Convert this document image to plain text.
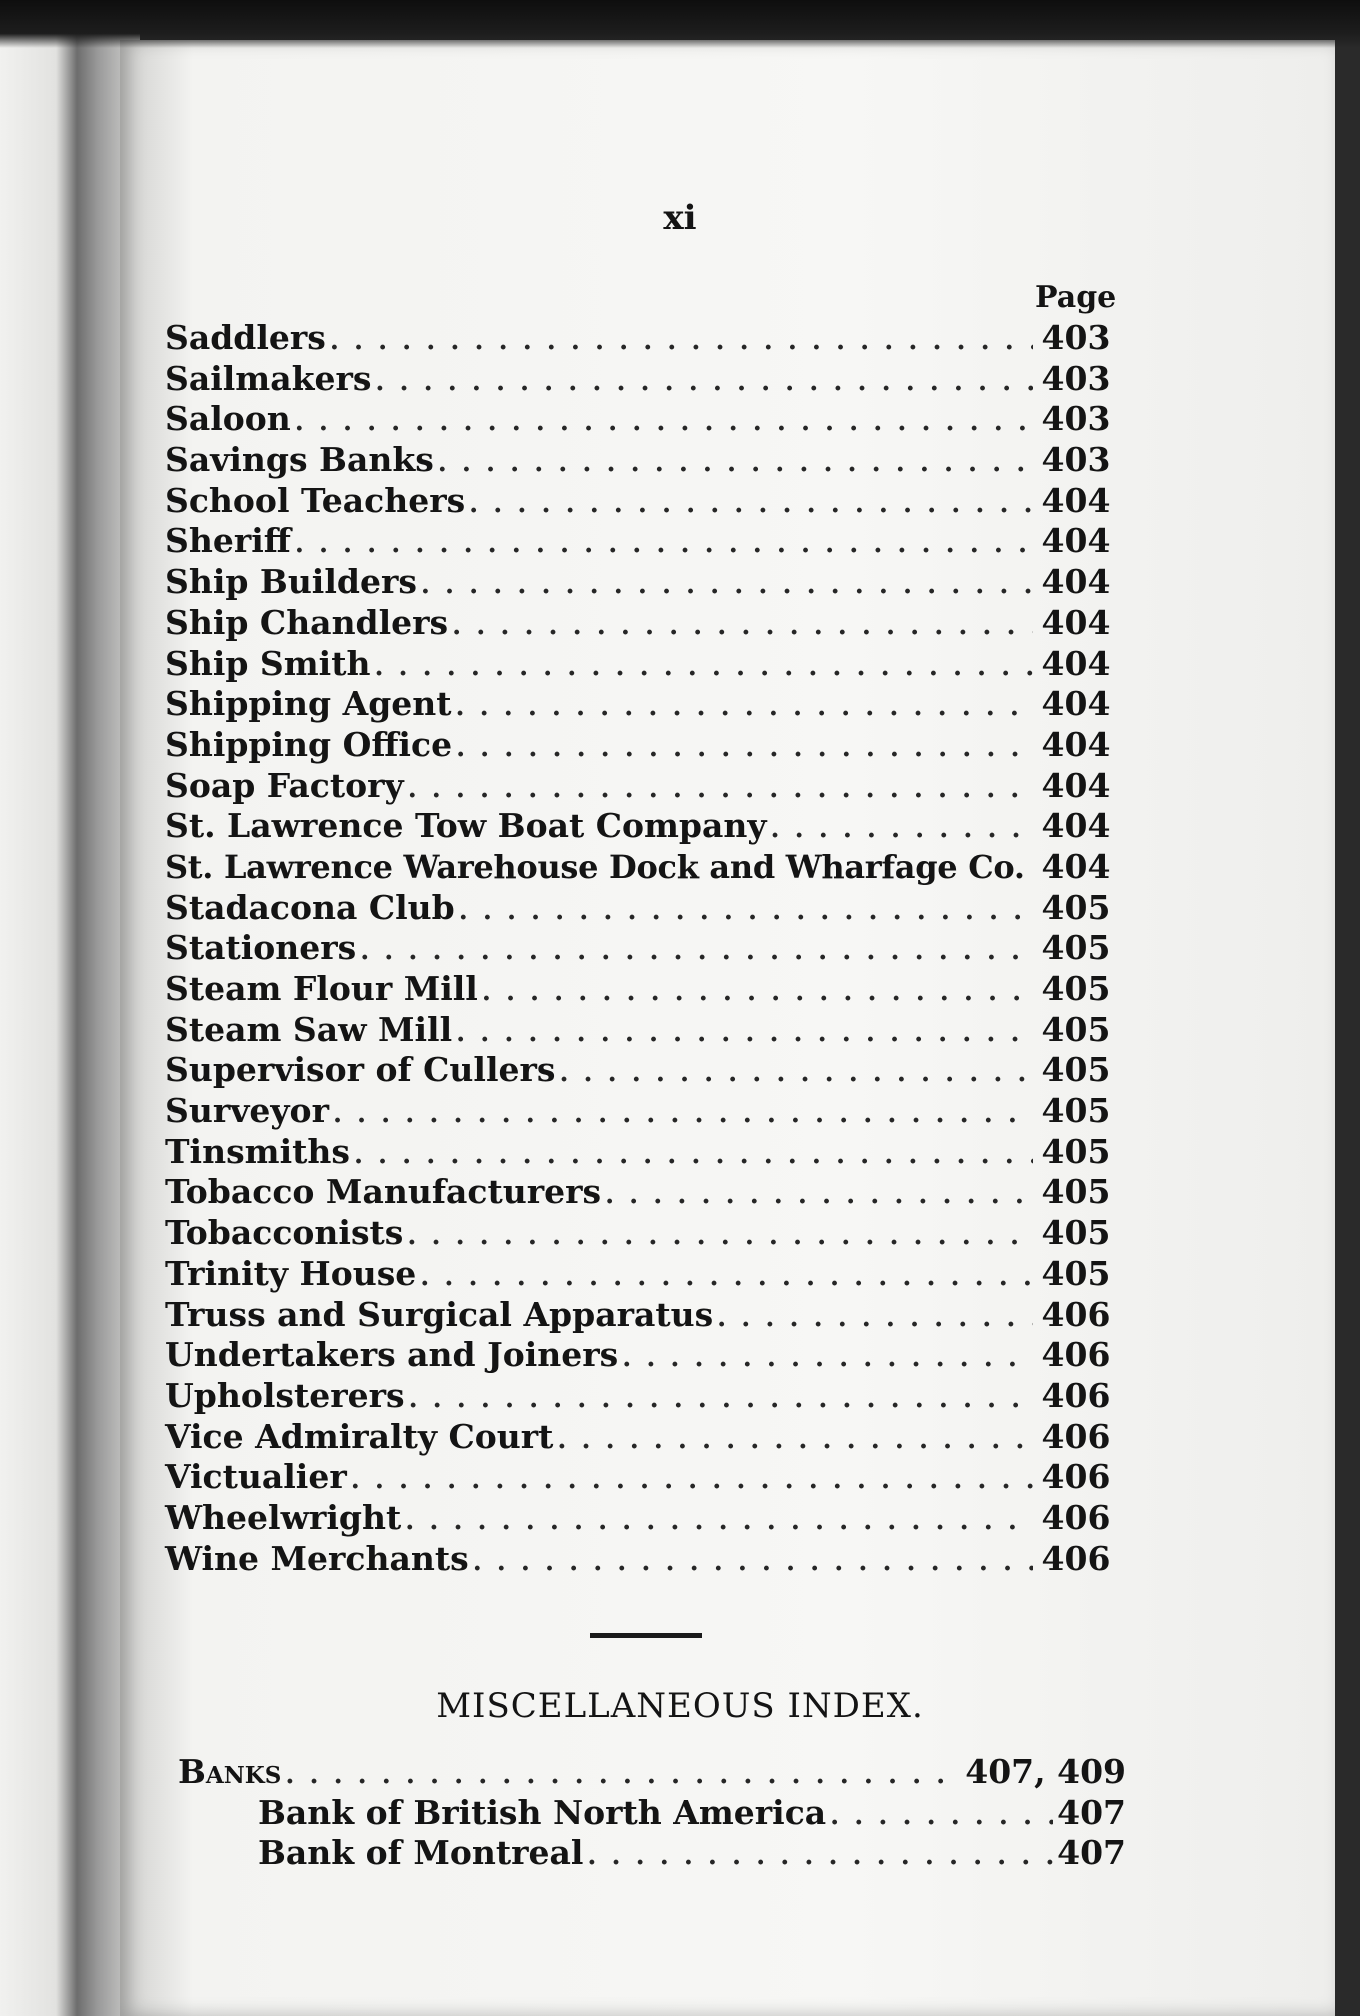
xi
Page
Saddlers . . .	403
Sailmakers . . .	403
Saloon . . .	403
Savings Banks . . .	403
School Teachers . . .	404
Sheriff . . .	404
Ship Builders . . .	404
Ship Chandlers . . .	404
Ship Smith . . .	404
Shipping Agent . . .	404
Shipping Office . . .	404
Soap Factory . . .	404
St. Lawrence Tow Boat Company . . .	404
St. Lawrence Warehouse Dock and Wharfage Co. 404
Stadacona Club . . .	405
Stationers . . .	405
Steam Flour Mill . . .	405
Steam Saw Mill . . .	405
Supervisor of Cullers . . .	405
Surveyor . . .	405
Tinsmiths . . .	405
Tobacco Manufacturers . . .	405
Tobacconists . . .	405
Trinity House . . .	405
Truss and Surgical Apparatus . . .	406
Undertakers and Joiners . . .	406
Upholsterers . . .	406
Vice Admiralty Court . . .	406
Victualier . . .	406
Wheelwright . . .	406
Wine Merchants . . .	406
MISCELLANEOUS INDEX.
Banks . . .	407, 409
Bank of British North America . . .	407
Bank of Montreal . . .	407
